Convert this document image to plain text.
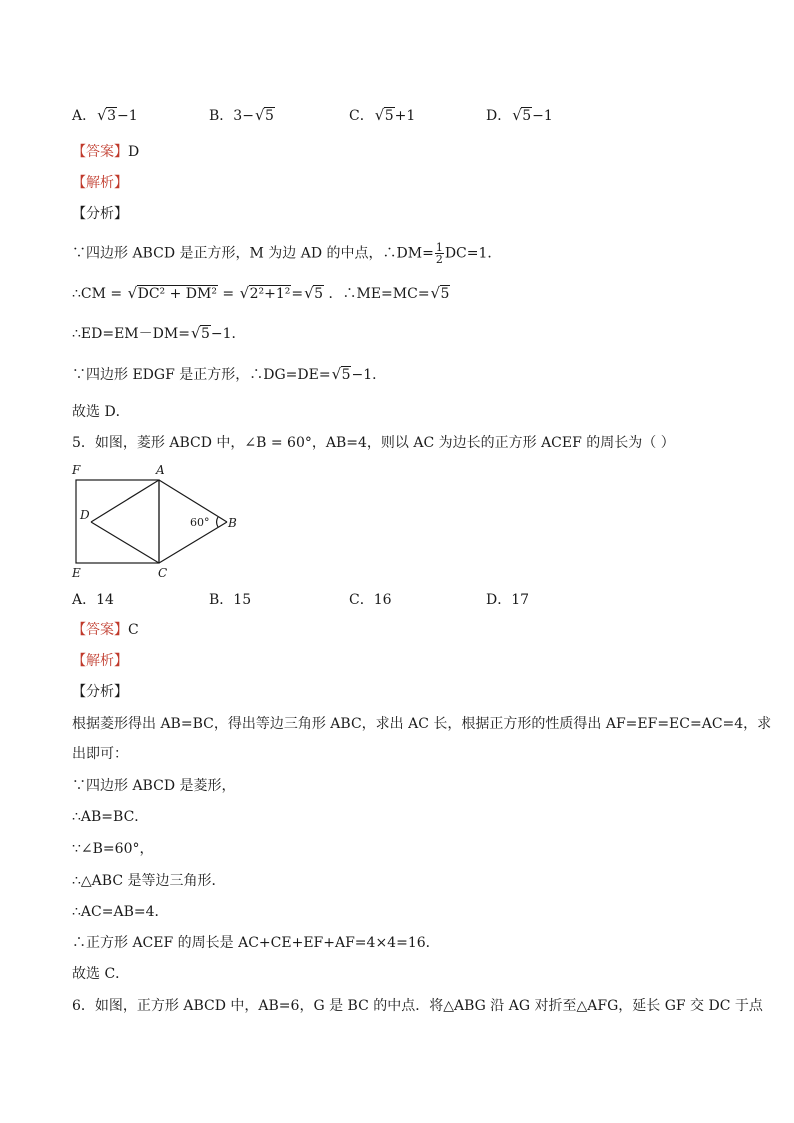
A． √ 3−1	B．3− √ 5	C． √ 5+1	D． √ 5−1
【答案】D
【解析】
【分析】
∵四边形 ABCD 是正方形，M 为边 AD 的中点，∴DM= $\frac{1}{2} DC=1$．
∴CM = √ DC² + DM² = √ 2²+1²= √ 5 ．∴ME=MC= √ 5
∴ED=EM－DM= √ 5−1．
∵四边形 EDGF 是正方形，∴DG=DE= √ 5−1．
故选 D．
5．如图，菱形 ABCD 中，∠B = 60°，AB=4，则以 AC 为边长的正方形 ACEF 的周长为（ ）
F	A
D
B
E	C
60°
A．14	B．15	C．16	D．17
【答案】C
【解析】
【分析】
根据菱形得出 AB=BC，得出等边三角形 ABC，求出 AC 长，根据正方形的性质得出 AF=EF=EC=AC=4，求
出即可：
∵四边形 ABCD 是菱形，
∴AB=BC．
∵∠B=60°，
∴△ABC 是等边三角形．
∴AC=AB=4．
∴正方形 ACEF 的周长是 AC+CE+EF+AF=4×4=16．
故选 C．
6．如图，正方形 ABCD 中，AB=6，G 是 BC 的中点．将△ABG 沿 AG 对折至△AFG，延长 GF 交 DC 于点
